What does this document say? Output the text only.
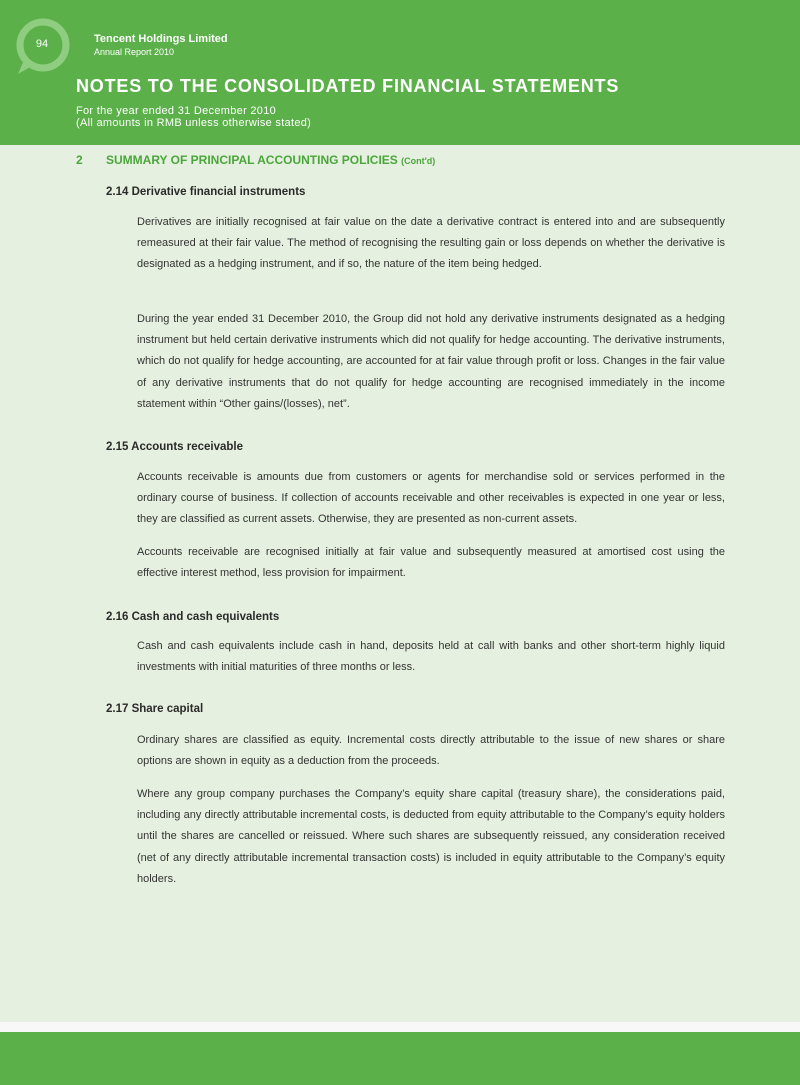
94	Tencent Holdings Limited
Annual Report 2010
NOTES TO THE CONSOLIDATED FINANCIAL STATEMENTS
For the year ended 31 December 2010
(All amounts in RMB unless otherwise stated)
2 SUMMARY OF PRINCIPAL ACCOUNTING POLICIES (Cont'd)
2.14 Derivative financial instruments
Derivatives are initially recognised at fair value on the date a derivative contract is entered into and are subsequently remeasured at their fair value. The method of recognising the resulting gain or loss depends on whether the derivative is designated as a hedging instrument, and if so, the nature of the item being hedged.
During the year ended 31 December 2010, the Group did not hold any derivative instruments designated as a hedging instrument but held certain derivative instruments which did not qualify for hedge accounting. The derivative instruments, which do not qualify for hedge accounting, are accounted for at fair value through profit or loss. Changes in the fair value of any derivative instruments that do not qualify for hedge accounting are recognised immediately in the income statement within “Other gains/(losses), net”.
2.15 Accounts receivable
Accounts receivable is amounts due from customers or agents for merchandise sold or services performed in the ordinary course of business. If collection of accounts receivable and other receivables is expected in one year or less, they are classified as current assets. Otherwise, they are presented as non-current assets.
Accounts receivable are recognised initially at fair value and subsequently measured at amortised cost using the effective interest method, less provision for impairment.
2.16 Cash and cash equivalents
Cash and cash equivalents include cash in hand, deposits held at call with banks and other short-term highly liquid investments with initial maturities of three months or less.
2.17 Share capital
Ordinary shares are classified as equity. Incremental costs directly attributable to the issue of new shares or share options are shown in equity as a deduction from the proceeds.
Where any group company purchases the Company’s equity share capital (treasury share), the considerations paid, including any directly attributable incremental costs, is deducted from equity attributable to the Company’s equity holders until the shares are cancelled or reissued. Where such shares are subsequently reissued, any consideration received (net of any directly attributable incremental transaction costs) is included in equity attributable to the Company’s equity holders.
